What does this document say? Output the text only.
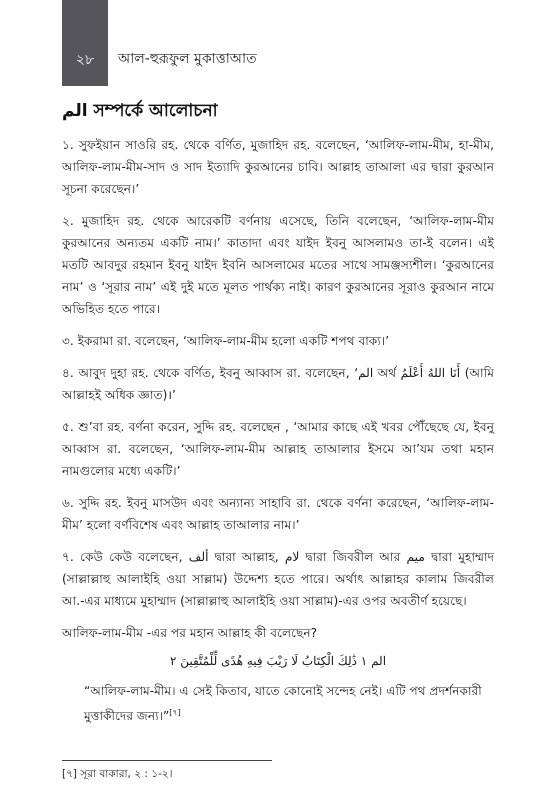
২৮ আল-হুরূফুল মুকাত্তাআত
الم সম্পর্কে আলোচনা

১. সুফইয়ান সাওরি রহ. থেকে বর্ণিত, মুজাহিদ রহ. বলেছেন, ‘আলিফ-লাম-মীম, হা-মীম, আলিফ-লাম-মীম-সাদ ও সাদ ইত্যাদি কুরআনের চাবি। আল্লাহ তাআলা এর দ্বারা কুরআন সূচনা করেছেন।’

২. মুজাহিদ রহ. থেকে আরেকটি বর্ণনায় এসেছে, তিনি বলেছেন, ‘আলিফ-লাম-মীম কুরআনের অন্যতম একটি নাম।’ কাতাদা এবং যাইদ ইবনু আসলামও তা-ই বলেন। এই মতটি আবদুর রহমান ইবনু যাইদ ইবনি আসলামের মতের সাথে সামঞ্জস্যশীল। ‘কুরআনের নাম’ ও ‘সূরার নাম’ এই দুই মতে মূলত পার্থক্য নাই। কারণ কুরআনের সূরাও কুরআন নামে অভিহিত হতে পারে।

৩. ইকরামা রা. বলেছেন, ‘আলিফ-লাম-মীম হলো একটি শপথ বাক্য।’

৪. আবুদ দুহা রহ. থেকে বর্ণিত, ইবনু আব্বাস রা. বলেছেন, ‘الم অর্থ أَنَا اللهُ أَعْلَمُ (আমি আল্লাহই অধিক জ্ঞাত)।’

৫. শু’বা রহ. বর্ণনা করেন, সুদ্দি রহ. বলেছেন , ‘আমার কাছে এই খবর পৌঁছেছে যে, ইবনু আব্বাস রা. বলেছেন, ‘আলিফ-লাম-মীম আল্লাহ তাআলার ইসমে আ’যম তথা মহান নামগুলোর মধ্যে একটি।’

৬. সুদ্দি রহ. ইবনু মাসউদ এবং অন্যান্য সাহাবি রা. থেকে বর্ণনা করেছেন, ‘আলিফ-লাম-মীম’ হলো বর্ণবিশেষ এবং আল্লাহ তাআলার নাম।’

৭. কেউ কেউ বলেছেন, ألف দ্বারা আল্লাহ, لام দ্বারা জিবরীল আর ميم দ্বারা মুহাম্মাদ (সাল্লাল্লাহু আলাইহি ওয়া সাল্লাম) উদ্দেশ্য হতে পারে। অর্থাৎ আল্লাহর কালাম জিবরীল আ.-এর মাধ্যমে মুহাম্মাদ (সাল্লাল্লাহু আলাইহি ওয়া সাল্লাম)-এর ওপর অবতীর্ণ হয়েছে।

আলিফ-লাম-মীম -এর পর মহান আল্লাহ কী বলেছেন?
الم ۱ ذَٰلِكَ الْكِتَابُ لَا رَيْبَ فِيهِ هُدًى لِّلْمُتَّقِينَ ۲
“আলিফ-লাম-মীম। এ সেই কিতাব, যাতে কোনোই সন্দেহ নেই। এটি পথ প্রদর্শনকারী মুত্তাকীদের জন্য।”[৭]
[৭] সূরা বাকারা, ২ : ১-২।
